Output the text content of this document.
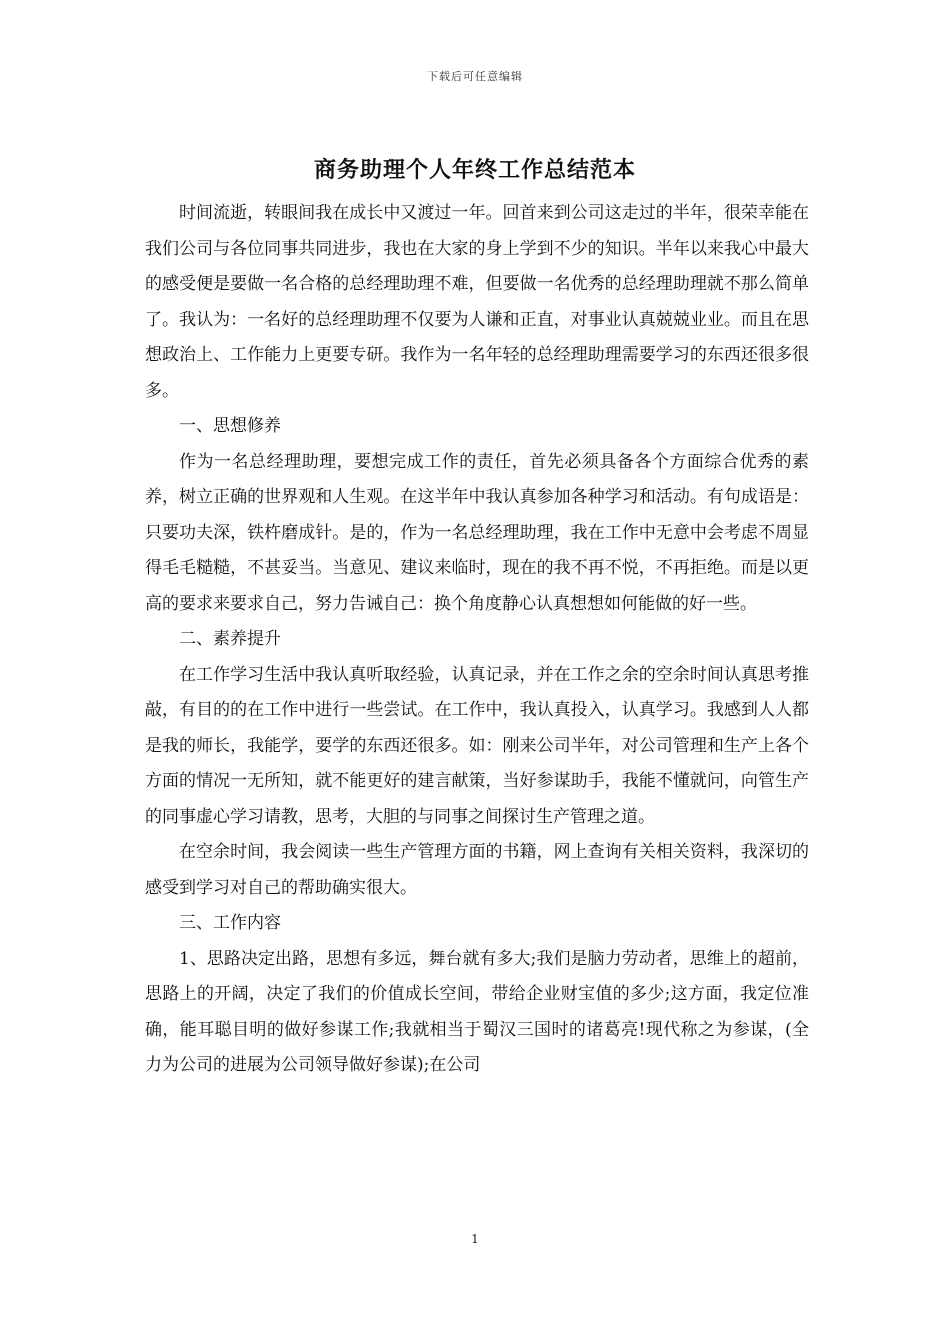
下载后可任意编辑
商务助理个人年终工作总结范本

时间流逝，转眼间我在成长中又渡过一年。回首来到公司这走过的半年，很荣幸能在我们公司与各位同事共同进步，我也在大家的身上学到不少的知识。半年以来我心中最大的感受便是要做一名合格的总经理助理不难，但要做一名优秀的总经理助理就不那么简单了。我认为：一名好的总经理助理不仅要为人谦和正直，对事业认真兢兢业业。而且在思想政治上、工作能力上更要专研。我作为一名年轻的总经理助理需要学习的东西还很多很多。

一、思想修养

作为一名总经理助理，要想完成工作的责任，首先必须具备各个方面综合优秀的素养，树立正确的世界观和人生观。在这半年中我认真参加各种学习和活动。有句成语是：只要功夫深，铁杵磨成针。是的，作为一名总经理助理，我在工作中无意中会考虑不周显得毛毛糙糙，不甚妥当。当意见、建议来临时，现在的我不再不悦，不再拒绝。而是以更高的要求来要求自己，努力告诫自己：换个角度静心认真想想如何能做的好一些。

二、素养提升

在工作学习生活中我认真听取经验，认真记录，并在工作之余的空余时间认真思考推敲，有目的的在工作中进行一些尝试。在工作中，我认真投入，认真学习。我感到人人都是我的师长，我能学，要学的东西还很多。如：刚来公司半年，对公司管理和生产上各个方面的情况一无所知，就不能更好的建言献策，当好参谋助手，我能不懂就问，向管生产的同事虚心学习请教，思考，大胆的与同事之间探讨生产管理之道。

在空余时间，我会阅读一些生产管理方面的书籍，网上查询有关相关资料，我深切的感受到学习对自己的帮助确实很大。

三、工作内容

1、思路决定出路，思想有多远，舞台就有多大;我们是脑力劳动者，思维上的超前，思路上的开阔，决定了我们的价值成长空间，带给企业财宝值的多少;这方面，我定位准确，能耳聪目明的做好参谋工作;我就相当于蜀汉三国时的诸葛亮!现代称之为参谋，(全力为公司的进展为公司领导做好参谋);在公司

1
